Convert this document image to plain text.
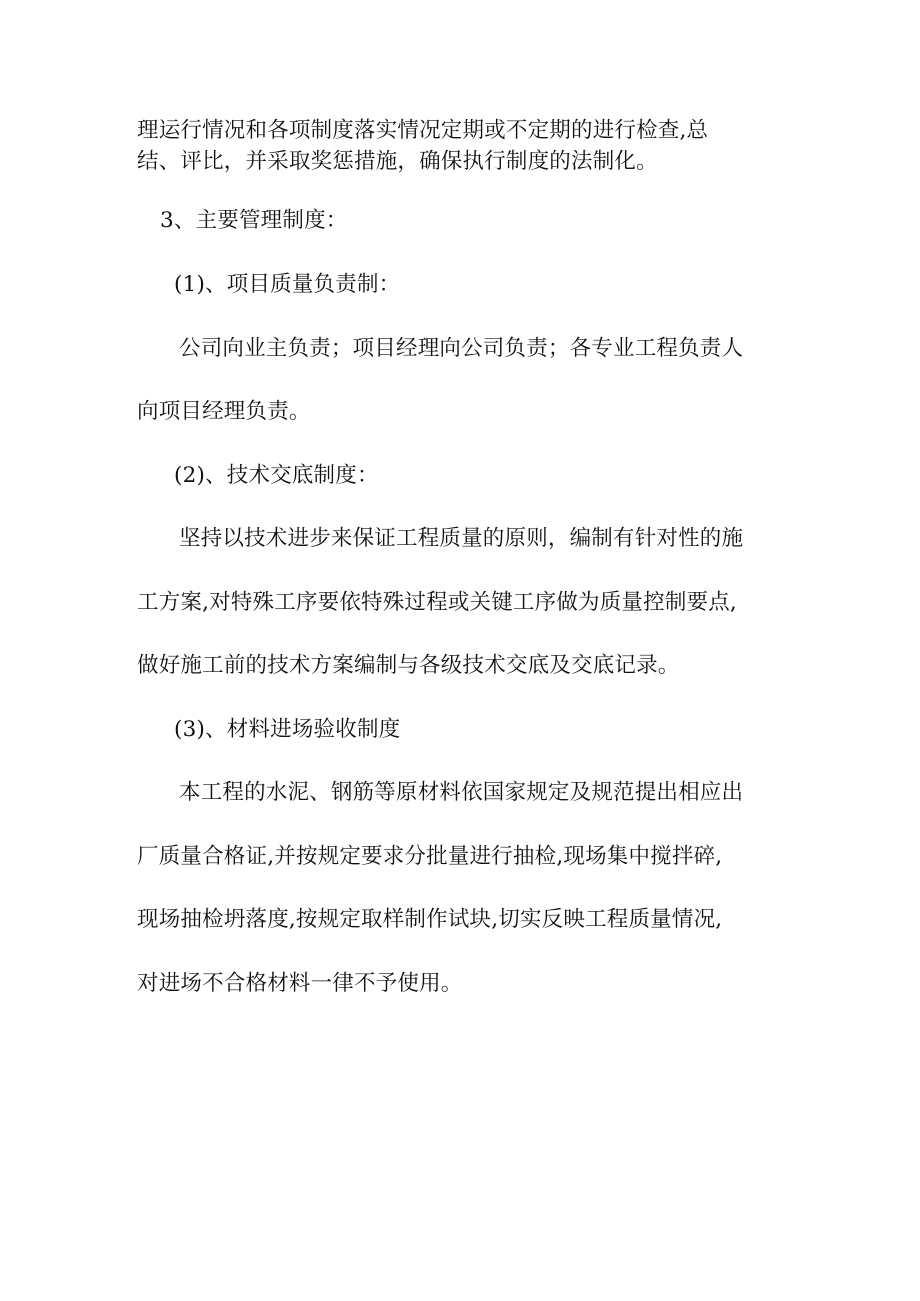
理运行情况和各项制度落实情况定期或不定期的进行检查,总
结、评比，并采取奖惩措施，确保执行制度的法制化。
3、主要管理制度：
(1)、项目质量负责制：
公司向业主负责；项目经理向公司负责；各专业工程负责人
向项目经理负责。
(2)、技术交底制度：
坚持以技术进步来保证工程质量的原则，编制有针对性的施
工方案,对特殊工序要依特殊过程或关键工序做为质量控制要点,
做好施工前的技术方案编制与各级技术交底及交底记录。
(3)、材料进场验收制度
本工程的水泥、钢筋等原材料依国家规定及规范提出相应出
厂质量合格证,并按规定要求分批量进行抽检,现场集中搅拌碎,
现场抽检坍落度,按规定取样制作试块,切实反映工程质量情况,
对进场不合格材料一律不予使用。
